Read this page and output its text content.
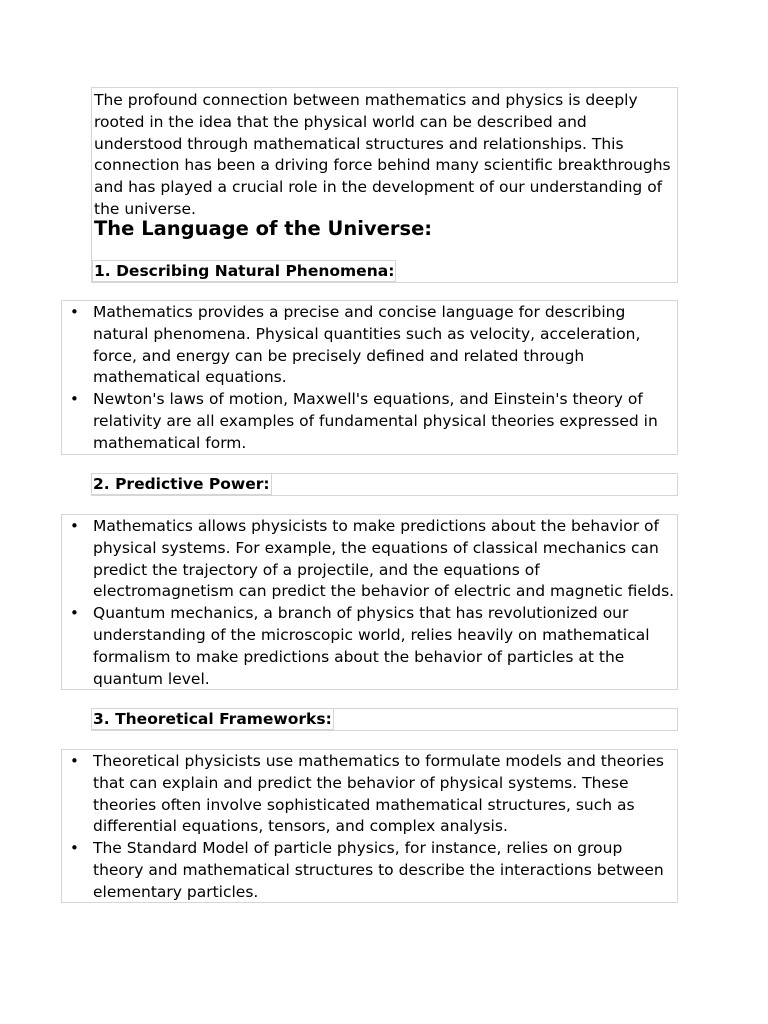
The profound connection between mathematics and physics is deeply rooted in the idea that the physical world can be described and understood through mathematical structures and relationships. This connection has been a driving force behind many scientific breakthroughs and has played a crucial role in the development of our understanding of the universe.

The Language of the Universe:
1. Describing Natural Phenomena:
• Mathematics provides a precise and concise language for describing natural phenomena. Physical quantities such as velocity, acceleration, force, and energy can be precisely defined and related through mathematical equations.
• Newton's laws of motion, Maxwell's equations, and Einstein's theory of relativity are all examples of fundamental physical theories expressed in mathematical form.
2. Predictive Power:
• Mathematics allows physicists to make predictions about the behavior of physical systems. For example, the equations of classical mechanics can predict the trajectory of a projectile, and the equations of electromagnetism can predict the behavior of electric and magnetic fields.
• Quantum mechanics, a branch of physics that has revolutionized our understanding of the microscopic world, relies heavily on mathematical formalism to make predictions about the behavior of particles at the quantum level.
3. Theoretical Frameworks:
• Theoretical physicists use mathematics to formulate models and theories that can explain and predict the behavior of physical systems. These theories often involve sophisticated mathematical structures, such as differential equations, tensors, and complex analysis.
• The Standard Model of particle physics, for instance, relies on group theory and mathematical structures to describe the interactions between elementary particles.
